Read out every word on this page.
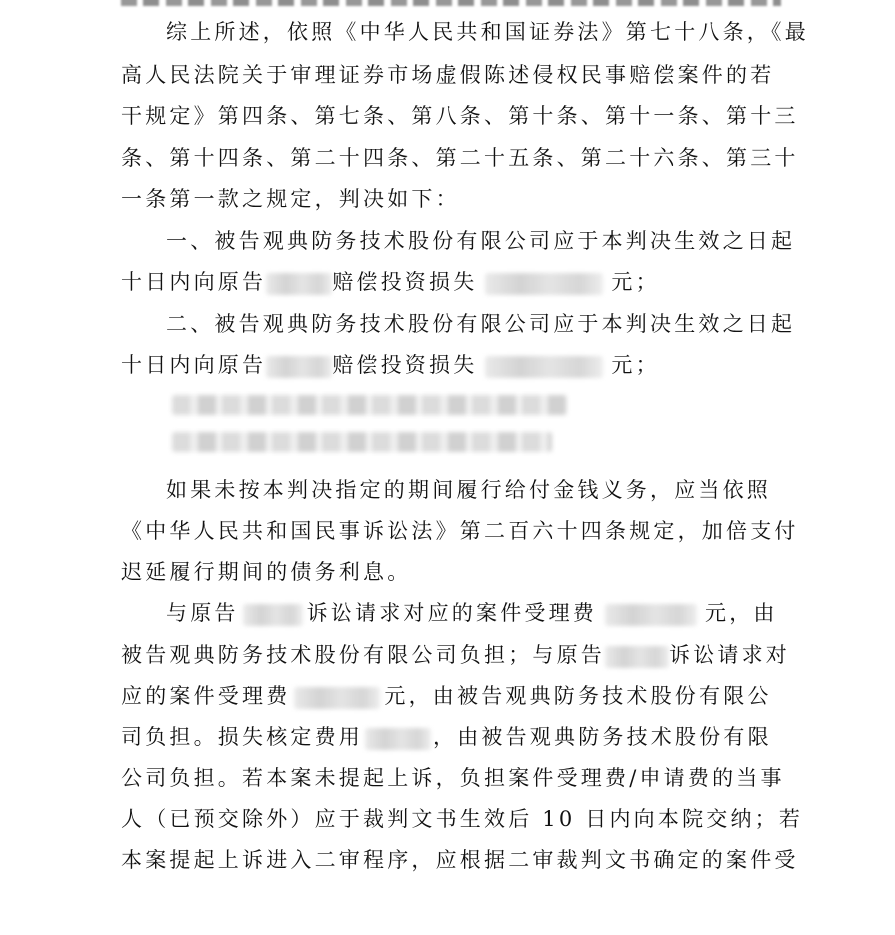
综上所述，依照《中华人民共和国证券法》第七十八条，《最
高人民法院关于审理证券市场虚假陈述侵权民事赔偿案件的若
干规定》第四条、第七条、第八条、第十条、第十一条、第十三
条、第十四条、第二十四条、第二十五条、第二十六条、第三十
一条第一款之规定，判决如下：
一、被告观典防务技术股份有限公司应于本判决生效之日起
十日内向原告	赔偿投资损失	元；
二、被告观典防务技术股份有限公司应于本判决生效之日起
十日内向原告	赔偿投资损失	元；
如果未按本判决指定的期间履行给付金钱义务，应当依照
《中华人民共和国民事诉讼法》第二百六十四条规定，加倍支付
迟延履行期间的债务利息。
与原告	诉讼请求对应的案件受理费	元，由
被告观典防务技术股份有限公司负担；与原告	诉讼请求对
应的案件受理费	元，由被告观典防务技术股份有限公
司负担。损失核定费用	，由被告观典防务技术股份有限
公司负担。若本案未提起上诉，负担案件受理费/申请费的当事
人（已预交除外）应于裁判文书生效后 10 日内向本院交纳；若
本案提起上诉进入二审程序，应根据二审裁判文书确定的案件受
